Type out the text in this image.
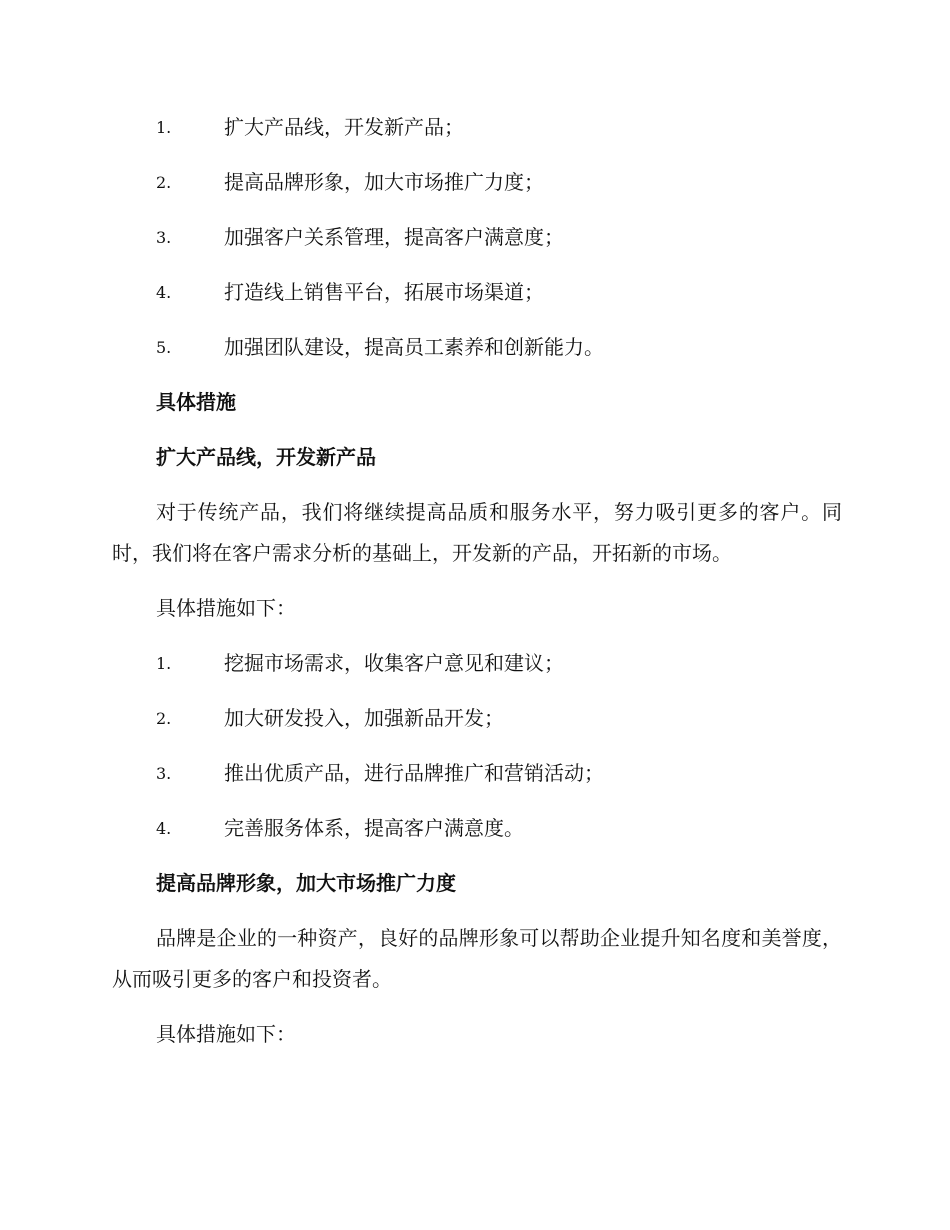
1.	扩大产品线，开发新产品；
2.	提高品牌形象，加大市场推广力度；
3.	加强客户关系管理，提高客户满意度；
4.	打造线上销售平台，拓展市场渠道；
5.	加强团队建设，提高员工素养和创新能力。
具体措施
扩大产品线，开发新产品

对于传统产品，我们将继续提高品质和服务水平，努力吸引更多的客户。同时，我们将在客户需求分析的基础上，开发新的产品，开拓新的市场。

具体措施如下：
1.	挖掘市场需求，收集客户意见和建议；
2.	加大研发投入，加强新品开发；
3.	推出优质产品，进行品牌推广和营销活动；
4.	完善服务体系，提高客户满意度。
提高品牌形象，加大市场推广力度

品牌是企业的一种资产，良好的品牌形象可以帮助企业提升知名度和美誉度，从而吸引更多的客户和投资者。

具体措施如下：
